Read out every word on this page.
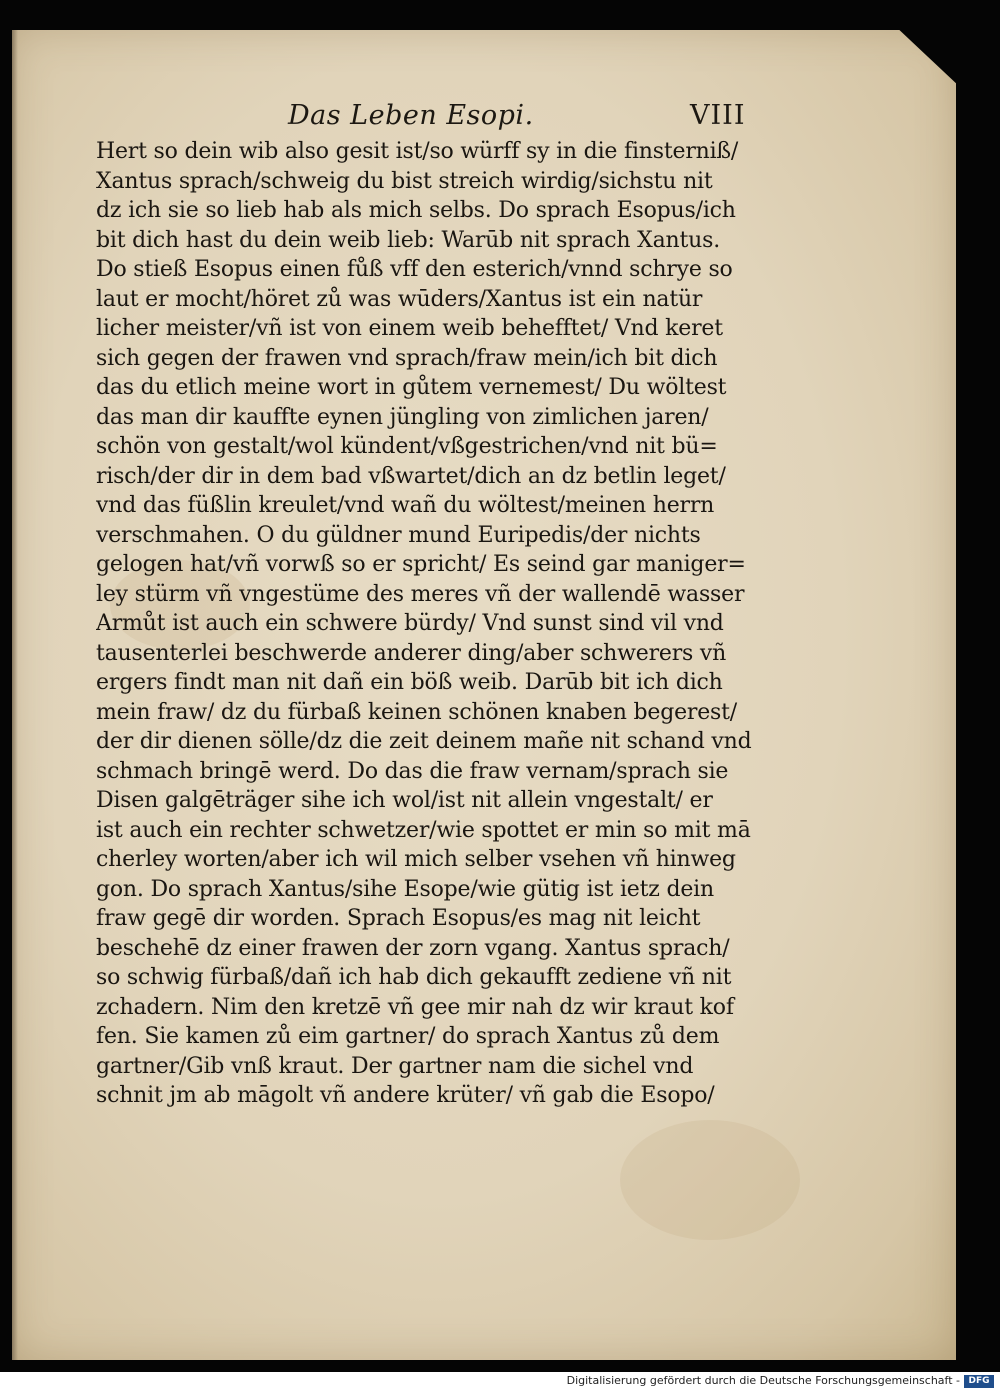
Das Leben Esopi.	VIII
Hert so dein wib also gesit ist/so würff sy in die finsterniß/
Xantus sprach/schweig du bist streich wirdig/sichstu nit
dz ich sie so lieb hab als mich selbs. Do sprach Esopus/ich
bit dich hast du dein weib lieb: Warūb nit sprach Xantus.
Do stieß Esopus einen fůß vff den esterich/vnnd schrye so
laut er mocht/höret zů was wūders/Xantus ist ein natür
licher meister/vñ ist von einem weib behefftet/ Vnd keret
sich gegen der frawen vnd sprach/fraw mein/ich bit dich
das du etlich meine wort in gůtem vernemest/ Du wöltest
das man dir kauffte eynen jüngling von zimlichen jaren/
schön von gestalt/wol kündent/vßgestrichen/vnd nit bü=
risch/der dir in dem bad vßwartet/dich an dz betlin leget/
vnd das füßlin kreulet/vnd wañ du wöltest/meinen herrn
verschmahen. O du güldner mund Euripedis/der nichts
gelogen hat/vñ vorwß so er spricht/ Es seind gar maniger=
ley stürm vñ vngestüme des meres vñ der wallendē wasser
Armůt ist auch ein schwere bürdy/ Vnd sunst sind vil vnd
tausenterlei beschwerde anderer ding/aber schwerers vñ
ergers findt man nit dañ ein böß weib. Darūb bit ich dich
mein fraw/ dz du fürbaß keinen schönen knaben begerest/
der dir dienen sölle/dz die zeit deinem mañe nit schand vnd
schmach bringē werd. Do das die fraw vernam/sprach sie
Disen galgēträger sihe ich wol/ist nit allein vngestalt/ er
ist auch ein rechter schwetzer/wie spottet er min so mit mā
cherley worten/aber ich wil mich selber vsehen vñ hinweg
gon. Do sprach Xantus/sihe Esope/wie gütig ist ietz dein
fraw gegē dir worden. Sprach Esopus/es mag nit leicht
beschehē dz einer frawen der zorn vgang. Xantus sprach/
so schwig fürbaß/dañ ich hab dich gekaufft zediene vñ nit
zchadern. Nim den kretzē vñ gee mir nah dz wir kraut kof
fen. Sie kamen zů eim gartner/ do sprach Xantus zů dem
gartner/Gib vnß kraut. Der gartner nam die sichel vnd
schnit jm ab māgolt vñ andere krüter/ vñ gab die Esopo/
Digitalisierung gefördert durch die Deutsche Forschungsgemeinschaft - DFG
